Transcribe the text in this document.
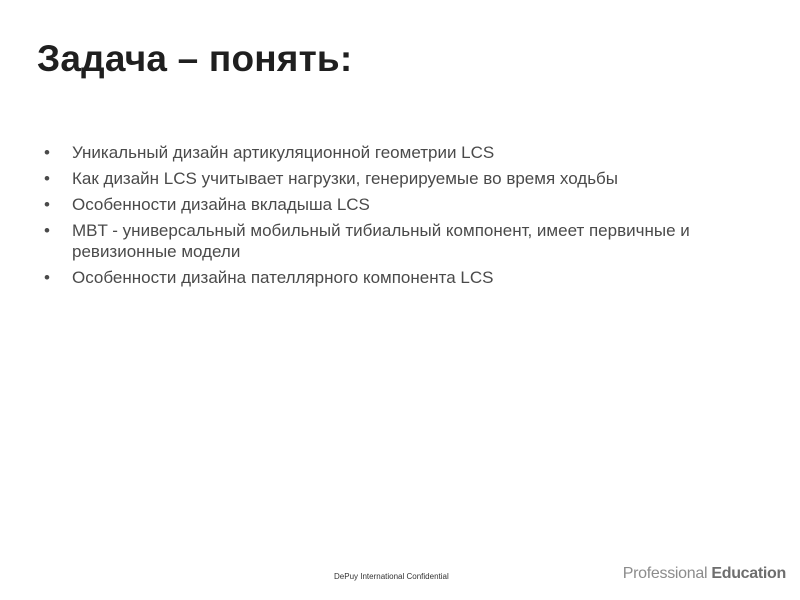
Задача – понять:
• Уникальный дизайн артикуляционной геометрии LCS
• Как дизайн LCS учитывает нагрузки, генерируемые во время ходьбы
• Особенности дизайна вкладыша LCS
• MBT - универсальный мобильный тибиальный компонент, имеет первичные и ревизионные модели
• Особенности дизайна пателлярного компонента LCS
DePuy International Confidential	Professional Education
